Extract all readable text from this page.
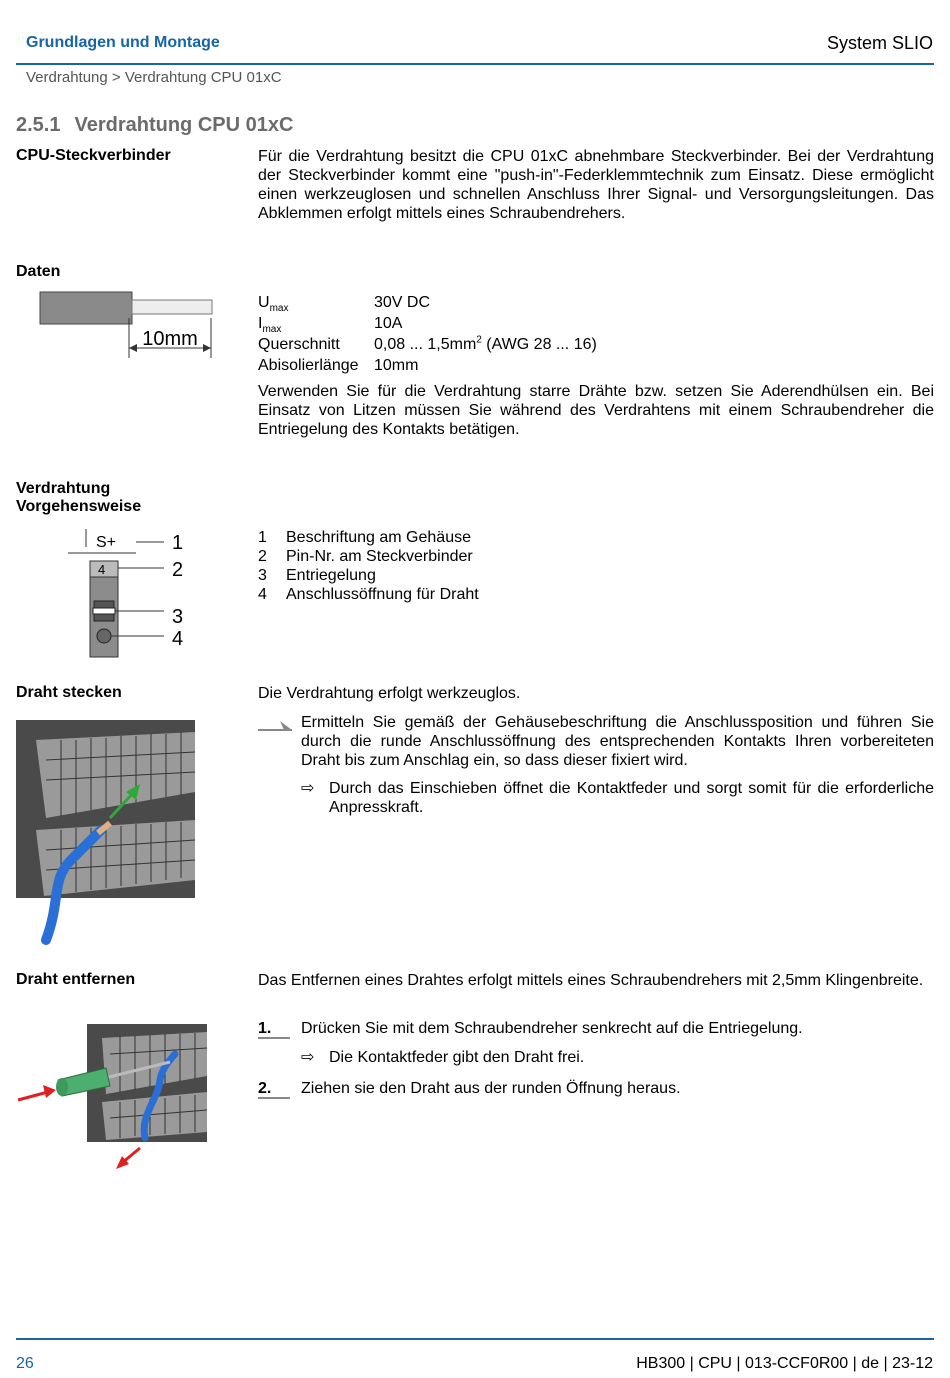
Grundlagen und Montage	System SLIO
Verdrahtung > Verdrahtung CPU 01xC
2.5.1 Verdrahtung CPU 01xC
CPU-Steckverbinder	Für die Verdrahtung besitzt die CPU 01xC abnehmbare Steckverbinder. Bei der Verdrahtung der Steckverbinder kommt eine "push-in"-Federklemmtechnik zum Einsatz. Diese ermöglicht einen werkzeuglosen und schnellen Anschluss Ihrer Signal- und Versorgungsleitungen. Das Abklemmen erfolgt mittels eines Schraubendrehers.
Daten
10mm
$U_{max}$	30V DC
$I_{max}$	10A
Querschnitt	0,08 ... $1,5mm^2$ (AWG 28 ... 16)
Abisolierlänge	10mm
Verwenden Sie für die Verdrahtung starre Drähte bzw. setzen Sie Aderendhülsen ein. Bei Einsatz von Litzen müssen Sie während des Verdrahtens mit einem Schraubendreher die Entriegelung des Kontakts betätigen.
Verdrahtung Vorgehensweise
S+	1
4	2
3
4
1 Beschriftung am Gehäuse
2 Pin-Nr. am Steckverbinder
3 Entriegelung
4 Anschlussöffnung für Draht
Draht stecken	Die Verdrahtung erfolgt werkzeuglos.
Ermitteln Sie gemäß der Gehäusebeschriftung die Anschlussposition und führen Sie durch die runde Anschlussöffnung des entsprechenden Kontakts Ihren vorbereiteten Draht bis zum Anschlag ein, so dass dieser fixiert wird.
⇨ Durch das Einschieben öffnet die Kontaktfeder und sorgt somit für die erforderliche Anpresskraft.
Draht entfernen	Das Entfernen eines Drahtes erfolgt mittels eines Schraubendrehers mit 2,5mm Klingenbreite.
1.	Drücken Sie mit dem Schraubendreher senkrecht auf die Entriegelung.
⇨ Die Kontaktfeder gibt den Draht frei.
2.	Ziehen sie den Draht aus der runden Öffnung heraus.
26	HB300 | CPU | 013-CCF0R00 | de | 23-12
